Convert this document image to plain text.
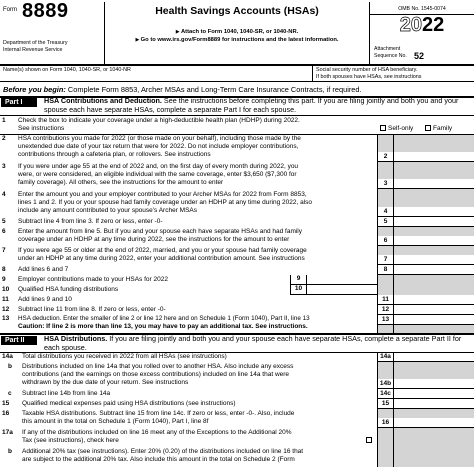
Form 8889
Department of the Treasury
Internal Revenue Service
Health Savings Accounts (HSAs)
▶ Attach to Form 1040, 1040-SR, or 1040-NR.
▶ Go to www.irs.gov/Form8889 for instructions and the latest information.
OMB No. 1545-0074
2022
Attachment
Sequence No. 52
Name(s) shown on Form 1040, 1040-SR, or 1040-NR	Social security number of HSA beneficiary.
If both spouses have HSAs, see instructions
Before you begin: Complete Form 8853, Archer MSAs and Long-Term Care Insurance Contracts, if required.
Part I	HSA Contributions and Deduction. See the instructions before completing this part. If you are filing jointly and both you and your spouse each have separate HSAs, complete a separate Part I for each spouse.
1 Check the box to indicate your coverage under a high-deductible health plan (HDHP) during 2022.
See instructions	Self-only	Family
2 HSA contributions you made for 2022 (or those made on your behalf), including those made by the
unextended due date of your tax return that were for 2022. Do not include employer contributions,
contributions through a cafeteria plan, or rollovers. See instructions	2
3 If you were under age 55 at the end of 2022 and, on the first day of every month during 2022, you
were, or were considered, an eligible individual with the same coverage, enter $3,650 ($7,300 for
family coverage). All others, see the instructions for the amount to enter	3
4 Enter the amount you and your employer contributed to your Archer MSAs for 2022 from Form 8853,
lines 1 and 2. If you or your spouse had family coverage under an HDHP at any time during 2022, also
include any amount contributed to your spouse's Archer MSAs	4
5 Subtract line 4 from line 3. If zero or less, enter -0-	5
6 Enter the amount from line 5. But if you and your spouse each have separate HSAs and had family
coverage under an HDHP at any time during 2022, see the instructions for the amount to enter	6
7 If you were age 55 or older at the end of 2022, married, and you or your spouse had family coverage
under an HDHP at any time during 2022, enter your additional contribution amount. See instructions	7
8 Add lines 6 and 7	8
9 Employer contributions made to your HSAs for 2022	9
10 Qualified HSA funding distributions	10
11 Add lines 9 and 10	11
12 Subtract line 11 from line 8. If zero or less, enter -0-	12
13 HSA deduction. Enter the smaller of line 2 or line 12 here and on Schedule 1 (Form 1040), Part II, line 13
Caution: If line 2 is more than line 13, you may have to pay an additional tax. See instructions.
13
Part II	HSA Distributions. If you are filing jointly and both you and your spouse each have separate HSAs, complete a separate Part II for each spouse.
14a Total distributions you received in 2022 from all HSAs (see instructions)	14a
b Distributions included on line 14a that you rolled over to another HSA. Also include any excess
contributions (and the earnings on those excess contributions) included on line 14a that were
withdrawn by the due date of your return. See instructions	14b
c Subtract line 14b from line 14a	14c
15 Qualified medical expenses paid using HSA distributions (see instructions)	15
16 Taxable HSA distributions. Subtract line 15 from line 14c. If zero or less, enter -0-. Also, include
this amount in the total on Schedule 1 (Form 1040), Part I, line 8f	16
17a If any of the distributions included on line 16 meet any of the Exceptions to the Additional 20%
Tax (see instructions), check here
b Additional 20% tax (see instructions). Enter 20% (0.20) of the distributions included on line 16 that
are subject to the additional 20% tax. Also include this amount in the total on Schedule 2 (Form
